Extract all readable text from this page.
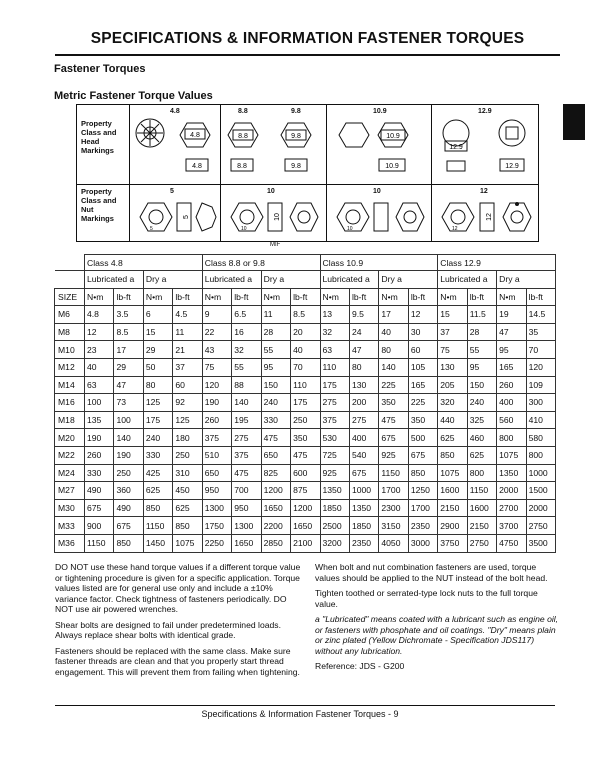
SPECIFICATIONS & INFORMATION FASTENER TORQUES
Fastener Torques
Metric Fastener Torque Values
Property Class and Head Markings
4.8
4.8
4.8
8.8	9.8
8.8
8.8
9.8
9.8
10.9
10.9
10.9
12.9
12.9
12.9
Property Class and Nut Markings
5
5
5
10
10
10
10
10
12
12
12
MIF
	Class 4.8				Class 8.8 or 9.8				Class 10.9				Class 12.9			
	Lubricated a		Dry a		Lubricated a		Dry a		Lubricated a		Dry a		Lubricated a		Dry a	
SIZE	N•m	lb-ft	N•m	lb-ft	N•m	lb-ft	N•m	lb-ft	N•m	lb-ft	N•m	lb-ft	N•m	lb-ft	N•m	lb-ft
M6	4.8	3.5	6	4.5	9	6.5	11	8.5	13	9.5	17	12	15	11.5	19	14.5
M8	12	8.5	15	11	22	16	28	20	32	24	40	30	37	28	47	35
M10	23	17	29	21	43	32	55	40	63	47	80	60	75	55	95	70
M12	40	29	50	37	75	55	95	70	110	80	140	105	130	95	165	120
M14	63	47	80	60	120	88	150	110	175	130	225	165	205	150	260	109
M16	100	73	125	92	190	140	240	175	275	200	350	225	320	240	400	300
M18	135	100	175	125	260	195	330	250	375	275	475	350	440	325	560	410
M20	190	140	240	180	375	275	475	350	530	400	675	500	625	460	800	580
M22	260	190	330	250	510	375	650	475	725	540	925	675	850	625	1075	800
M24	330	250	425	310	650	475	825	600	925	675	1150	850	1075	800	1350	1000
M27	490	360	625	450	950	700	1200	875	1350	1000	1700	1250	1600	1150	2000	1500
M30	675	490	850	625	1300	950	1650	1200	1850	1350	2300	1700	2150	1600	2700	2000
M33	900	675	1150	850	1750	1300	2200	1650	2500	1850	3150	2350	2900	2150	3700	2750
M36	1150	850	1450	1075	2250	1650	2850	2100	3200	2350	4050	3000	3750	2750	4750	3500

DO NOT use these hand torque values if a different torque value or tightening procedure is given for a specific application. Torque values listed are for general use only and include a ±10% variance factor. Check tightness of fasteners periodically. DO NOT use air powered wrenches.

Shear bolts are designed to fail under predetermined loads. Always replace shear bolts with identical grade.

Fasteners should be replaced with the same class. Make sure fastener threads are clean and that you properly start thread engagement. This will prevent them from failing when tightening.

When bolt and nut combination fasteners are used, torque values should be applied to the NUT instead of the bolt head.

Tighten toothed or serrated-type lock nuts to the full torque value.

a "Lubricated" means coated with a lubricant such as engine oil, or fasteners with phosphate and oil coatings. "Dry" means plain or zinc plated (Yellow Dichromate - Specification JDS117) without any lubrication.

Reference: JDS - G200

Specifications & Information Fastener Torques - 9
